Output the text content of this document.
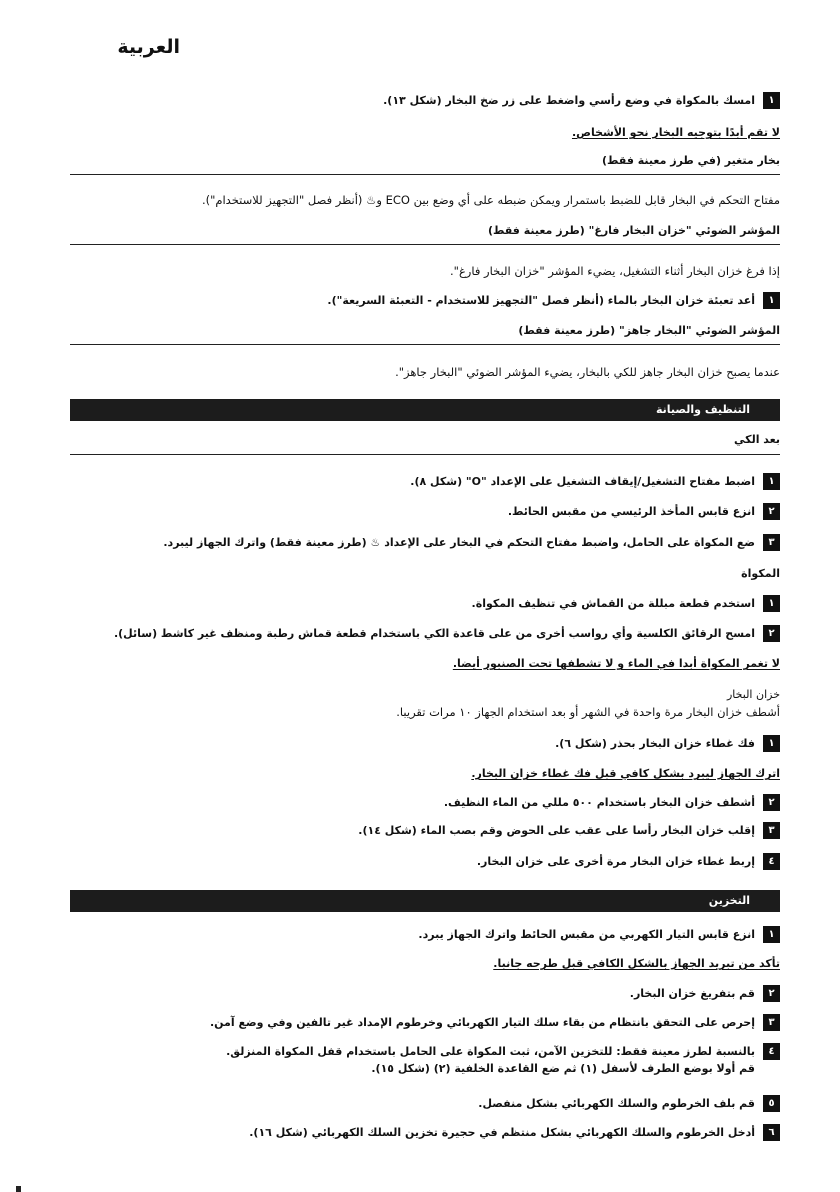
العربية
١
امسك بالمكواة في وضع رأسي واضغط على زر ضخ البخار (شكل ١٣).
لا تقم أبدًا بتوجيه البخار نحو الأشخاص.
بخار متغير (في طرز معينة فقط)
مفتاح التحكم في البخار قابل للضبط باستمرار ويمكن ضبطه على أي وضع بين ECO و♨ (أنظر فصل "التجهيز للاستخدام").
المؤشر الضوئي "خزان البخار فارغ" (طرز معينة فقط)
إذا فرغ خزان البخار أثناء التشغيل، يضيء المؤشر "خزان البخار فارغ".
١
أعد تعبئة خزان البخار بالماء (أنظر فصل "التجهيز للاستخدام - التعبئة السريعة").
المؤشر الضوئي "البخار جاهز" (طرز معينة فقط)
عندما يصبح خزان البخار جاهز للكي بالبخار، يضيء المؤشر الضوئي "البخار جاهز".
التنظيف والصيانة
بعد الكي
١
اضبط مفتاح التشغيل/إيقاف التشغيل على الإعداد "O" (شكل ٨).
٢
انزع قابس المأخذ الرئيسي من مقبس الحائط.
٣
ضع المكواة على الحامل، واضبط مفتاح التحكم في البخار على الإعداد ♨ (طرز معينة فقط) واترك الجهاز ليبرد.
المكواة
١
استخدم قطعة مبللة من القماش في تنظيف المكواة.
٢
امسح الرقائق الكلسية وأي رواسب أخرى من على قاعدة الكي باستخدام قطعة قماش رطبة ومنظف غير كاشط (سائل).
لا تغمر المكواة أبدا في الماء و لا تشطفها تحت الصنبور أيضا.
خزان البخار
أشطف خزان البخار مرة واحدة في الشهر أو بعد استخدام الجهاز ١٠ مرات تقريبا.
١
فك غطاء خزان البخار بحذر (شكل ٦).
اترك الجهاز ليبرد بشكل كافي قبل فك غطاء خزان البخار.
٢
أشطف خزان البخار باستخدام ٥٠٠ مللي من الماء النظيف.
٣
إقلب خزان البخار رأسا على عقب على الحوض وقم بصب الماء (شكل ١٤).
٤
إربط غطاء خزان البخار مرة أخرى على خزان البخار.
التخزين
١
انزع قابس التيار الكهربي من مقبس الحائط واترك الجهاز يبرد.
تأكد من تبريد الجهاز بالشكل الكافي قبل طرحه جانبا.
٢
قم بتفريغ خزان البخار.
٣
إحرص على التحقق بانتظام من بقاء سلك التيار الكهربائي وخرطوم الإمداد غير تالفين وفي وضع آمن.
٤
بالنسبة لطرز معينة فقط: للتخزين الآمن، ثبت المكواة على الحامل باستخدام قفل المكواة المنزلق.
قم أولا بوضع الطرف لأسفل (١) ثم ضع القاعدة الخلفية (٢) (شكل ١٥).
٥
قم بلف الخرطوم والسلك الكهربائي بشكل منفصل.
٦
أدخل الخرطوم والسلك الكهربائي بشكل منتظم في حجيرة تخزين السلك الكهربائي (شكل ١٦).
